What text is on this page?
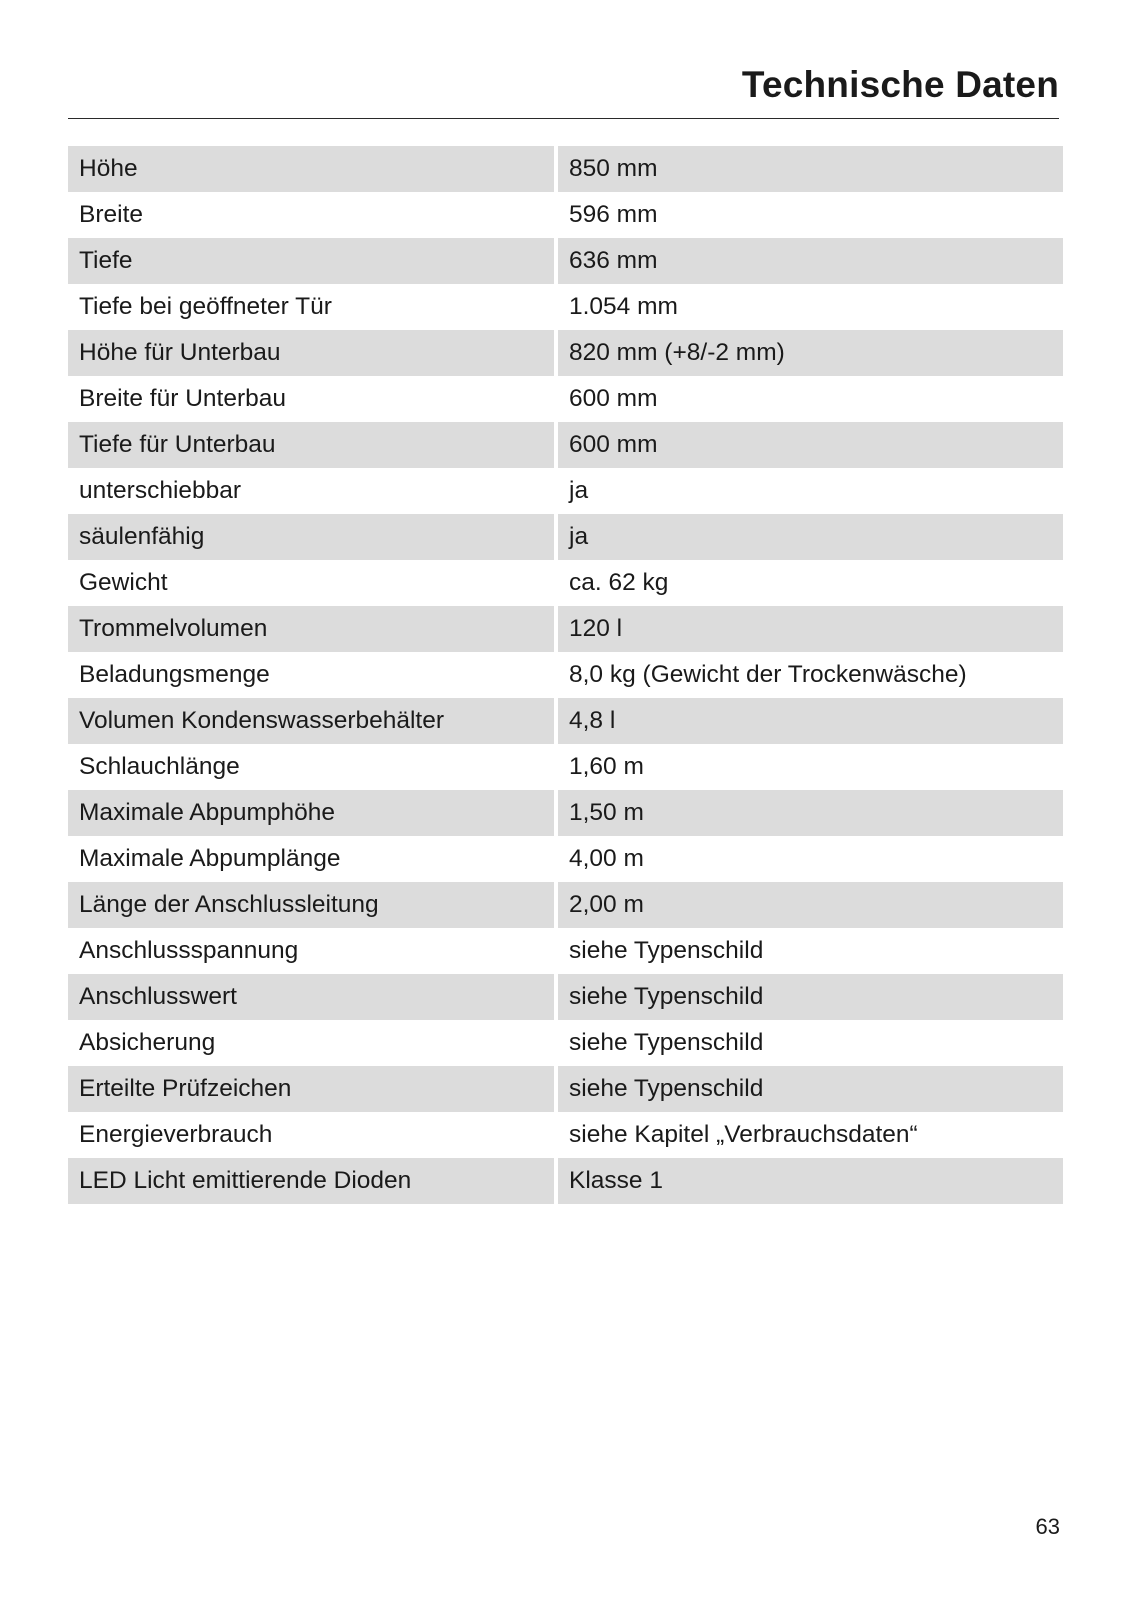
Technische Daten
Höhe	850 mm
Breite	596 mm
Tiefe	636 mm
Tiefe bei geöffneter Tür	1.054 mm
Höhe für Unterbau	820 mm (+8/-2 mm)
Breite für Unterbau	600 mm
Tiefe für Unterbau	600 mm
unterschiebbar	ja
säulenfähig	ja
Gewicht	ca. 62 kg
Trommelvolumen	120 l
Beladungsmenge	8,0 kg (Gewicht der Trockenwäsche)
Volumen Kondenswasserbehälter	4,8 l
Schlauchlänge	1,60 m
Maximale Abpumphöhe	1,50 m
Maximale Abpumplänge	4,00 m
Länge der Anschlussleitung	2,00 m
Anschlussspannung	siehe Typenschild
Anschlusswert	siehe Typenschild
Absicherung	siehe Typenschild
Erteilte Prüfzeichen	siehe Typenschild
Energieverbrauch	siehe Kapitel „Verbrauchsdaten“
LED Licht emittierende Dioden	Klasse 1
63
